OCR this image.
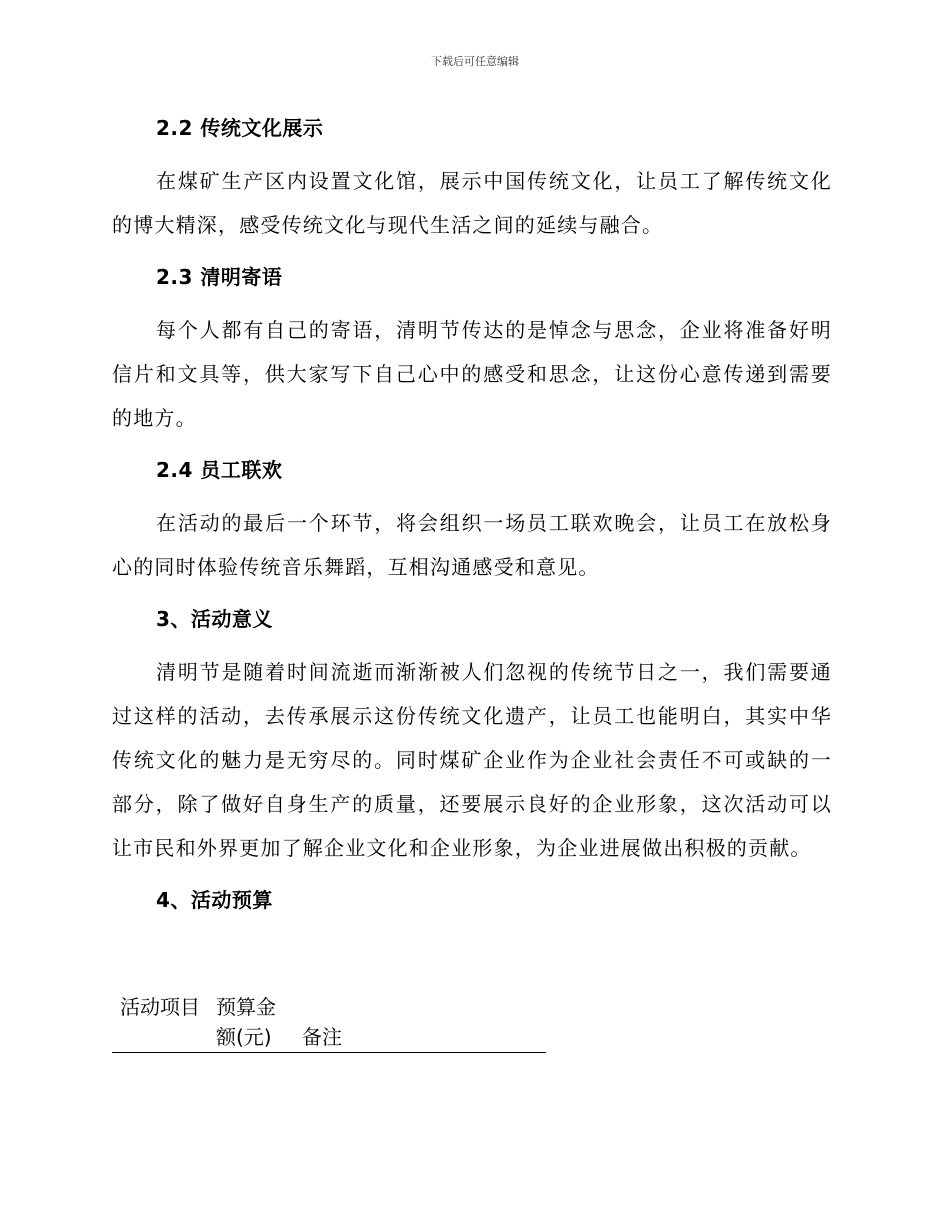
下载后可任意编辑
2.2 传统文化展示

在煤矿生产区内设置文化馆，展示中国传统文化，让员工了解传统文化的博大精深，感受传统文化与现代生活之间的延续与融合。

2.3 清明寄语

每个人都有自己的寄语，清明节传达的是悼念与思念，企业将准备好明信片和文具等，供大家写下自己心中的感受和思念，让这份心意传递到需要的地方。

2.4 员工联欢

在活动的最后一个环节，将会组织一场员工联欢晚会，让员工在放松身心的同时体验传统音乐舞蹈，互相沟通感受和意见。

3、活动意义

清明节是随着时间流逝而渐渐被人们忽视的传统节日之一，我们需要通过这样的活动，去传承展示这份传统文化遗产，让员工也能明白，其实中华传统文化的魅力是无穷尽的。同时煤矿企业作为企业社会责任不可或缺的一部分，除了做好自身生产的质量，还要展示良好的企业形象，这次活动可以让市民和外界更加了解企业文化和企业形象，为企业进展做出积极的贡献。

4、活动预算
活动项目	预算金额(元)	备注
